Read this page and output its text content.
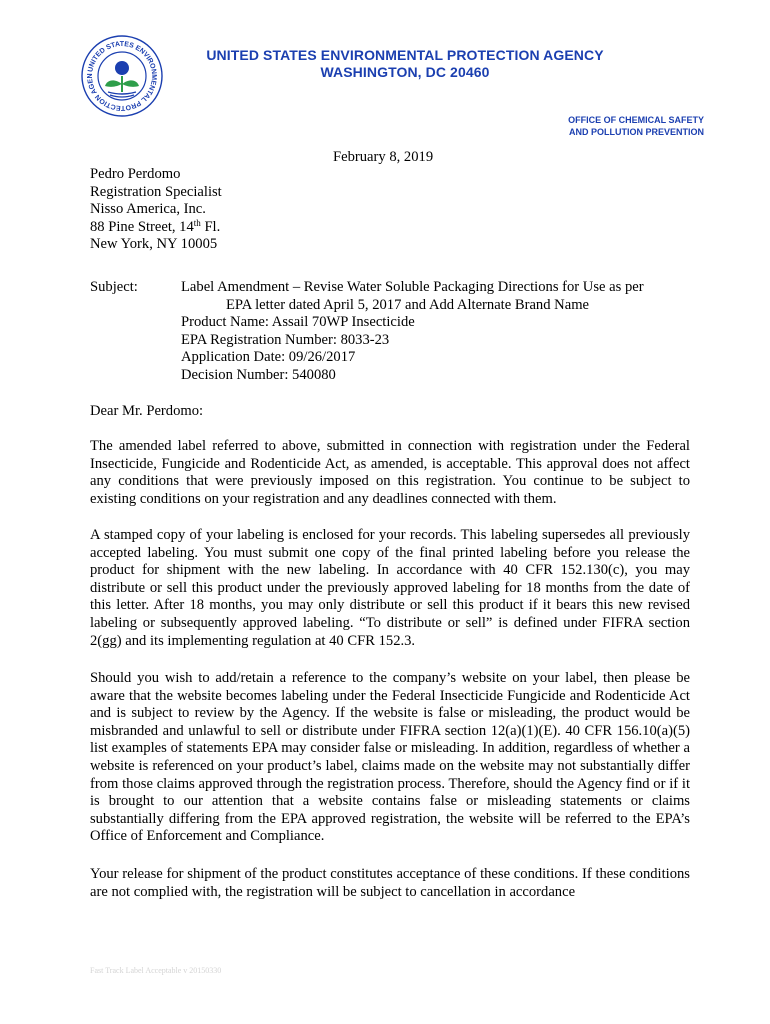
UNITED STATES ENVIRONMENTAL PROTECTION AGEN
UNITED STATES ENVIRONMENTAL PROTECTION AGENCY
WASHINGTON, DC 20460
OFFICE OF CHEMICAL SAFETY
AND POLLUTION PREVENTION
February 8, 2019
Pedro Perdomo
Registration Specialist
Nisso America, Inc.
88 Pine Street, 14th Fl.
New York, NY 10005
Subject:	Label Amendment – Revise Water Soluble Packaging Directions for Use as per
EPA letter dated April 5, 2017 and Add Alternate Brand Name
Product Name: Assail 70WP Insecticide
EPA Registration Number: 8033-23
Application Date: 09/26/2017
Decision Number: 540080
Dear Mr. Perdomo:
The amended label referred to above, submitted in connection with registration under the Federal Insecticide, Fungicide and Rodenticide Act, as amended, is acceptable. This approval does not affect any conditions that were previously imposed on this registration. You continue to be subject to existing conditions on your registration and any deadlines connected with them.
A stamped copy of your labeling is enclosed for your records. This labeling supersedes all previously accepted labeling. You must submit one copy of the final printed labeling before you release the product for shipment with the new labeling. In accordance with 40 CFR 152.130(c), you may distribute or sell this product under the previously approved labeling for 18 months from the date of this letter. After 18 months, you may only distribute or sell this product if it bears this new revised labeling or subsequently approved labeling. “To distribute or sell” is defined under FIFRA section 2(gg) and its implementing regulation at 40 CFR 152.3.
Should you wish to add/retain a reference to the company’s website on your label, then please be aware that the website becomes labeling under the Federal Insecticide Fungicide and Rodenticide Act and is subject to review by the Agency. If the website is false or misleading, the product would be misbranded and unlawful to sell or distribute under FIFRA section 12(a)(1)(E). 40 CFR 156.10(a)(5) list examples of statements EPA may consider false or misleading. In addition, regardless of whether a website is referenced on your product’s label, claims made on the website may not substantially differ from those claims approved through the registration process. Therefore, should the Agency find or if it is brought to our attention that a website contains false or misleading statements or claims substantially differing from the EPA approved registration, the website will be referred to the EPA’s Office of Enforcement and Compliance.
Your release for shipment of the product constitutes acceptance of these conditions. If these conditions are not complied with, the registration will be subject to cancellation in accordance
Fast Track Label Acceptable v 20150330
